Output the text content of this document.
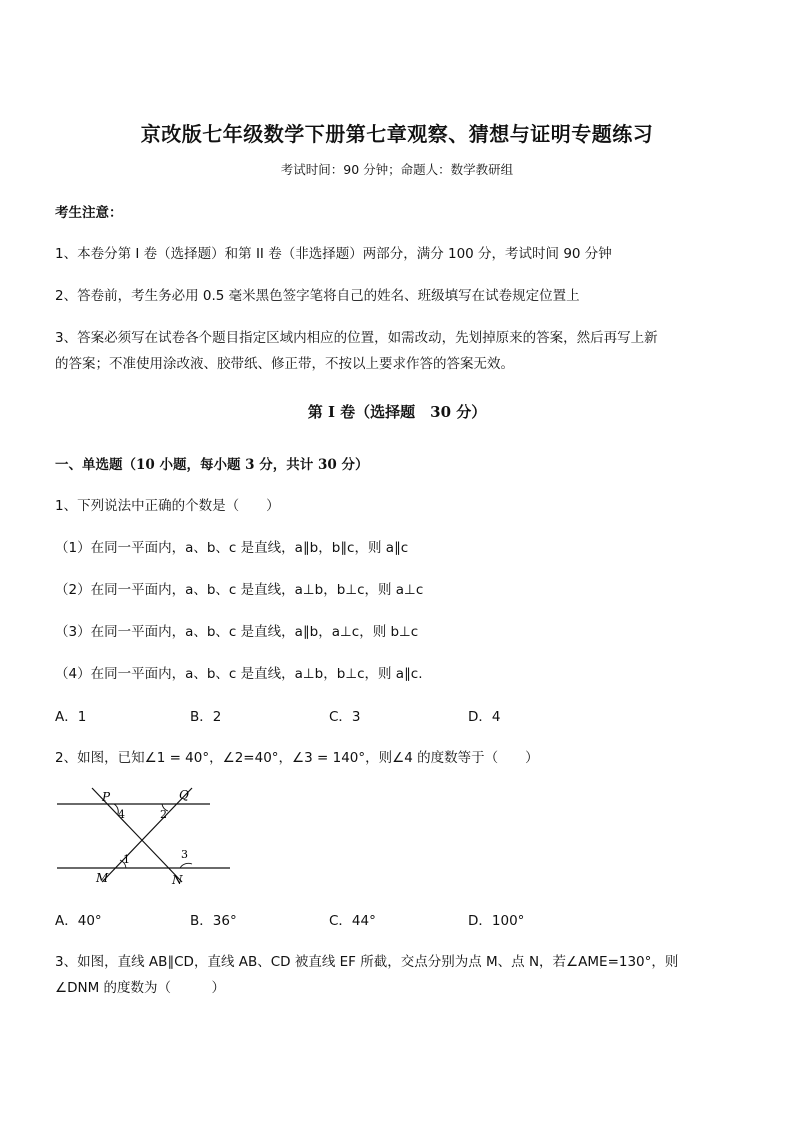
京改版七年级数学下册第七章观察、猜想与证明专题练习
考试时间：90 分钟；命题人：数学教研组
考生注意：
1、本卷分第 I 卷（选择题）和第 II 卷（非选择题）两部分，满分 100 分，考试时间 90 分钟
2、答卷前，考生务必用 0.5 毫米黑色签字笔将自己的姓名、班级填写在试卷规定位置上
3、答案必须写在试卷各个题目指定区域内相应的位置，如需改动，先划掉原来的答案，然后再写上新
的答案；不准使用涂改液、胶带纸、修正带，不按以上要求作答的答案无效。
第 I 卷（选择题　30 分）
一、单选题（10 小题，每小题 3 分，共计 30 分）
1、下列说法中正确的个数是（　　）
（1）在同一平面内，a、b、c 是直线，a∥b，b∥c，则 a∥c
（2）在同一平面内，a、b、c 是直线，a⊥b，b⊥c，则 a⊥c
（3）在同一平面内，a、b、c 是直线，a∥b，a⊥c，则 b⊥c
（4）在同一平面内，a、b、c 是直线，a⊥b，b⊥c，则 a∥c.
A．1	B．2	C．3	D．4
2、如图，已知∠1 = 40°，∠2=40°，∠3 = 140°，则∠4 的度数等于（　　）
P	Q
4	2
1	3
M	N
A．40°	B．36°	C．44°	D．100°
3、如图，直线 AB∥CD，直线 AB、CD 被直线 EF 所截，交点分别为点 M、点 N，若∠AME=130°，则
∠DNM 的度数为（　　　）
